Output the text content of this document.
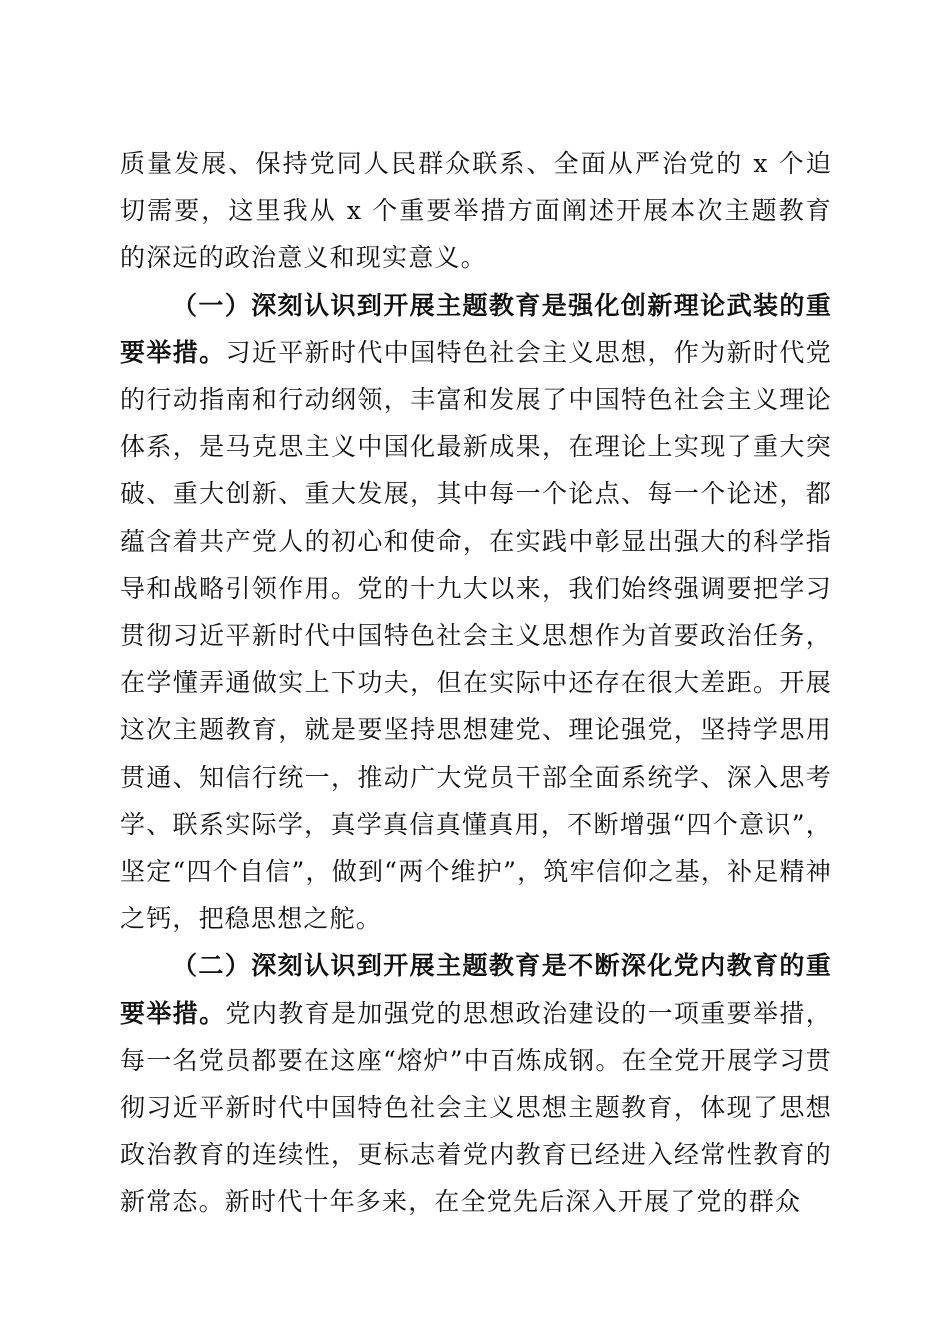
质量发展、保持党同人民群众联系、全面从严治党的 x 个迫切需要，这里我从 x 个重要举措方面阐述开展本次主题教育的深远的政治意义和现实意义。

（一）深刻认识到开展主题教育是强化创新理论武装的重要举措。习近平新时代中国特色社会主义思想，作为新时代党的行动指南和行动纲领，丰富和发展了中国特色社会主义理论体系，是马克思主义中国化最新成果，在理论上实现了重大突破、重大创新、重大发展，其中每一个论点、每一个论述，都蕴含着共产党人的初心和使命，在实践中彰显出强大的科学指导和战略引领作用。党的十九大以来，我们始终强调要把学习贯彻习近平新时代中国特色社会主义思想作为首要政治任务，在学懂弄通做实上下功夫，但在实际中还存在很大差距。开展这次主题教育，就是要坚持思想建党、理论强党，坚持学思用贯通、知信行统一，推动广大党员干部全面系统学、深入思考学、联系实际学，真学真信真懂真用，不断增强“四个意识”，坚定“四个自信”，做到“两个维护”，筑牢信仰之基，补足精神之钙，把稳思想之舵。

（二）深刻认识到开展主题教育是不断深化党内教育的重要举措。党内教育是加强党的思想政治建设的一项重要举措，每一名党员都要在这座“熔炉”中百炼成钢。在全党开展学习贯彻习近平新时代中国特色社会主义思想主题教育，体现了思想政治教育的连续性，更标志着党内教育已经进入经常性教育的新常态。新时代十年多来，在全党先后深入开展了党的群众
